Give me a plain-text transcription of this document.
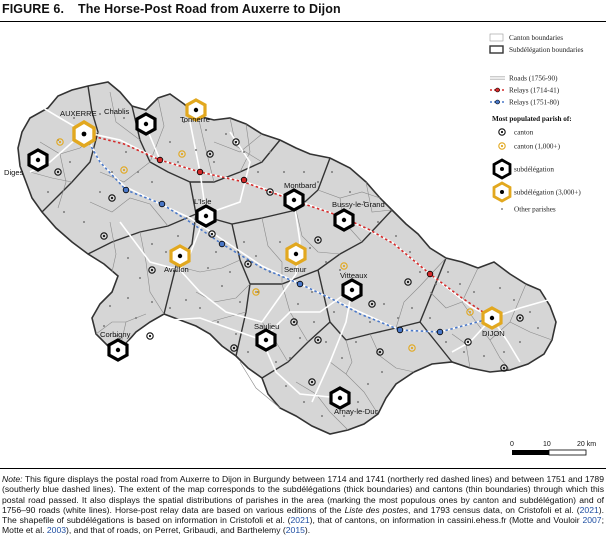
FIGURE 6. The Horse-Post Road from Auxerre to Dijon
Chablis
Tonnerre
AUXERRE
Diges
Montbard
L'Isle	Bussy-le-Grand
Avallon	Semur
Vitteaux
DIJON
Corbigny
Saulieu
Arnay-le-Duc
Canton boundaries
Subdélégation boundaries
Roads (1756-90)
Relays (1714-41)
Relays (1751-80)
Most populated parish of:
canton
canton (1,000+)
subdélégation
subdélégation (3,000+)
Other parishes
0	10	20 km
Note: This figure displays the postal road from Auxerre to Dijon in Burgundy between 1714 and 1741 (northerly red dashed lines) and between 1751 and 1789 (southerly blue dashed lines). The extent of the map corresponds to the subdélégations (thick boundaries) and cantons (thin boundaries) through which this postal road passed. It also displays the spatial distributions of parishes in the area (marking the most populous ones by canton and subdélégation) and of 1756–90 roads (white lines). Horse-post relay data are based on various editions of the Liste des postes, and 1793 census data, on Cristofoli et al. (2021). The shapefile of subdélégations is based on information in Cristofoli et al. (2021), that of cantons, on information in cassini.ehess.fr (Motte and Vouloir 2007; Motte et al. 2003), and that of roads, on Perret, Gribaudi, and Barthelemy (2015).
